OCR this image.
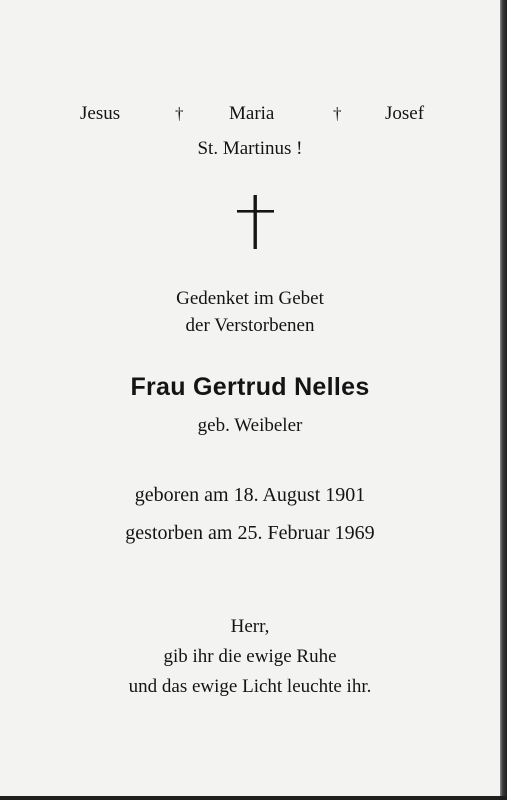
Jesus	† Maria	† Josef
St. Martinus !
Gedenket im Gebet
der Verstorbenen
Frau Gertrud Nelles
geb. Weibeler
geboren am 18. August 1901
gestorben am 25. Februar 1969
Herr,
gib ihr die ewige Ruhe
und das ewige Licht leuchte ihr.
